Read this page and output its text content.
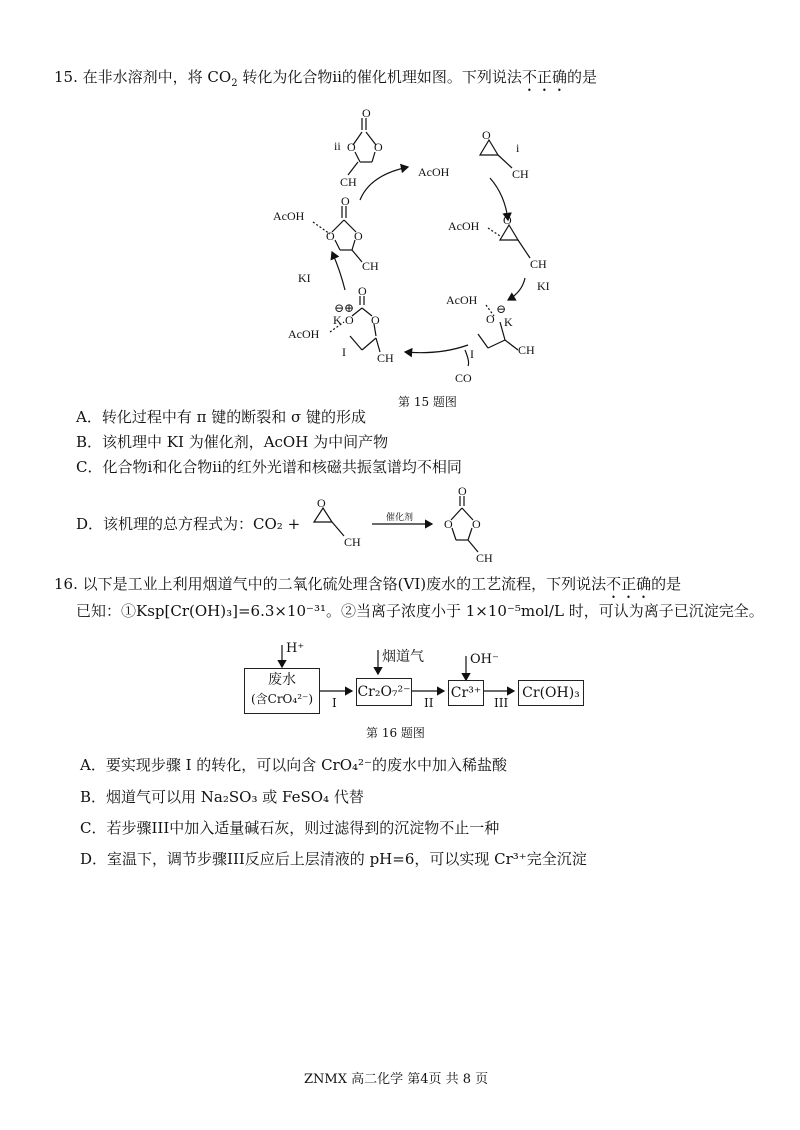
15. 在非水溶剂中，将 $CO_2$ 转化为化合物ii的催化机理如图。下列说法不正确的是
O
ii O O
CH
AcOH
O
i
CH
AcOH
O
O O
CH
AcOH O
CH
KI
KI
AcOH
O
⊖
K
I	CH
CO
O
⊖ ⊕
K O O
AcOH
I	CH
O
CH
O
O O
CH
催化剂
第 15 题图
A．转化过程中有 π 键的断裂和 σ 键的形成
B．该机理中 KI 为催化剂，AcOH 为中间产物
C．化合物i和化合物ii的红外光谱和核磁共振氢谱均不相同
D．该机理的总方程式为：CO₂ +
16. 以下是工业上利用烟道气中的二氧化硫处理含铬(VI)废水的工艺流程，下列说法不正确的是
已知：①Ksp[Cr(OH)₃]=6.3×10⁻³¹。②当离子浓度小于 1×10⁻⁵mol/L 时，可认为离子已沉淀完全。
H⁺
废水
(含CrO₄²⁻)
烟道气
Cr₂O₇²⁻
OH⁻
Cr³⁺	Cr(OH)₃
I	II	III
第 16 题图
A．要实现步骤 I 的转化，可以向含 CrO₄²⁻的废水中加入稀盐酸
B．烟道气可以用 Na₂SO₃ 或 FeSO₄ 代替
C．若步骤III中加入适量碱石灰，则过滤得到的沉淀物不止一种
D．室温下，调节步骤III反应后上层清液的 pH=6，可以实现 Cr³⁺完全沉淀
ZNMX 高二化学 第4页 共 8 页
